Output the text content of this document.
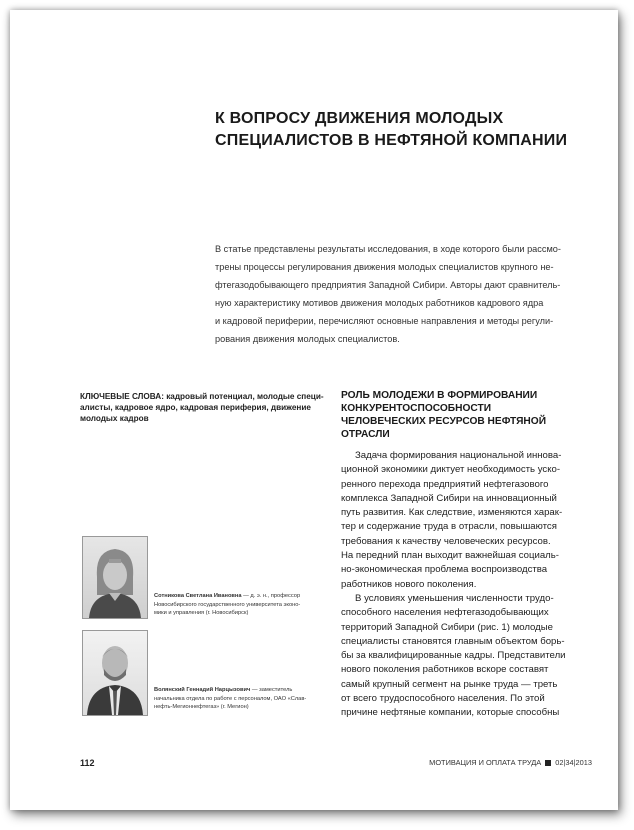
К ВОПРОСУ ДВИЖЕНИЯ МОЛОДЫХ
СПЕЦИАЛИСТОВ В НЕФТЯНОЙ КОМПАНИИ
В статье представлены результаты исследования, в ходе которого были рассмо-
трены процессы регулирования движения молодых специалистов крупного не-
фтегазодобывающего предприятия Западной Сибири. Авторы дают сравнитель-
ную характеристику мотивов движения молодых работников кадрового ядра
и кадровой периферии, перечисляют основные направления и методы регули-
рования движения молодых специалистов.
КЛЮЧЕВЫЕ СЛОВА: кадровый потенциал, молодые специ-
алисты, кадровое ядро, кадровая периферия, движение
молодых кадров
РОЛЬ МОЛОДЕЖИ В ФОРМИРОВАНИИ
КОНКУРЕНТОСПОСОБНОСТИ
ЧЕЛОВЕЧЕСКИХ РЕСУРСОВ НЕФТЯНОЙ
ОТРАСЛИ
Задача формирования национальной иннова-
ционной экономики диктует необходимость уско-
ренного перехода предприятий нефтегазового
комплекса Западной Сибири на инновационный
путь развития. Как следствие, изменяются харак-
тер и содержание труда в отрасли, повышаются
требования к качеству человеческих ресурсов.
На передний план выходит важнейшая социаль-
но-экономическая проблема воспроизводства
работников нового поколения.
В условиях уменьшения численности трудо-
способного населения нефтегазодобывающих
территорий Западной Сибири (рис. 1) молодые
специалисты становятся главным объектом борь-
бы за квалифицированные кадры. Представители
нового поколения работников вскоре составят
самый крупный сегмент на рынке труда — треть
от всего трудоспособного населения. По этой
причине нефтяные компании, которые способны
Сотникова Светлана Ивановна — д. э. н., профессор
Новосибирского государственного университета эконо-
мики и управления (г. Новосибирск)
Волянский Геннадий Нарцызович — заместитель
начальника отдела по работе с персоналом, ОАО «Слав-
нефть-Мегионнефтегаз» (г. Мегион)
112	МОТИВАЦИЯ И ОПЛАТА ТРУДА 02|34|2013
